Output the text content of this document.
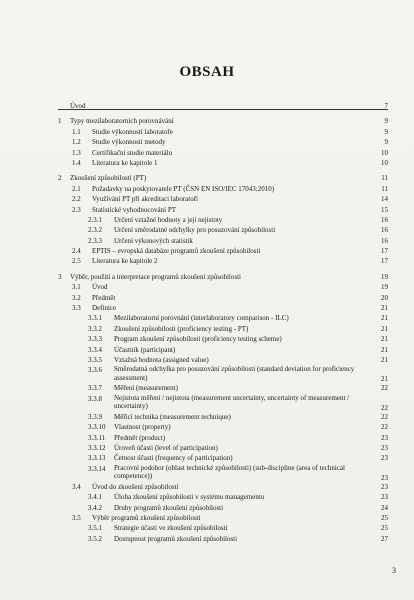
OBSAH
Úvod	7
1 Typy mezilaboratorních porovnávání	9
1.1 Studie výkonnosti laboratoře	9
1.2 Studie výkonnosti metody	9
1.3 Certifikační studie materiálu	10
1.4 Literatura ke kapitole 1	10
2 Zkoušení způsobilosti (PT)	11
2.1 Požadavky na poskytovatele PT (ČSN EN ISO/IEC 17043:2010)	11
2.2 Využívání PT při akreditaci laboratoří	14
2.3 Statistické vyhodnocování PT	15
2.3.1 Určení vztažné hodnoty a její nejistoty	16
2.3.2 Určení směrodatné odchylky pro posuzování způsobilosti	16
2.3.3 Určení výkonových statistik	16
2.4 EPTIS – evropská databáze programů zkoušení způsobilosti	17
2.5 Literatura ke kapitole 2	17
3 Výběr, použití a interpretace programů zkoušení způsobilosti	19
3.1 Úvod	19
3.2 Předmět	20
3.3 Definice	21
3.3.1 Mezilaboratorní porovnání (interlaboratory comparison - ILC)	21
3.3.2 Zkoušení způsobilosti (proficiency testing - PT)	21
3.3.3 Program zkoušení způsobilosti (proficiency testing scheme)	21
3.3.4 Účastník (participant)	21
3.3.5 Vztažná hodnota (assigned value)	21
3.3.6 Směrodatná odchylka pro posuzování způsobilosti (standard deviation for proficiency assessment)	21
3.3.7 Měření (measurement)	22
3.3.8 Nejistota měření / nejistota (measurement uncertainty, uncertainty of measurement / uncertainty)	22
3.3.9 Měřicí technika (measurement technique)	22
3.3.10 Vlastnost (property)	22
3.3.11 Předmět (product)	23
3.3.12 Úroveň účasti (level of participation)	23
3.3.13 Četnost účasti (frequency of participation)	23
3.3.14 Pracovní podobor (oblast technické způsobilosti) (sub-discipline (area of technical competence))	23
3.4 Úvod do zkoušení způsobilosti	23
3.4.1 Úloha zkoušení způsobilosti v systému managementu	23
3.4.2 Druhy programů zkoušení způsobilosti	24
3.5 Výběr programů zkoušení způsobilosti	25
3.5.1 Strategie účasti ve zkoušení způsobilosti	25
3.5.2 Dostupnost programů zkoušení způsobilosti	27
3
